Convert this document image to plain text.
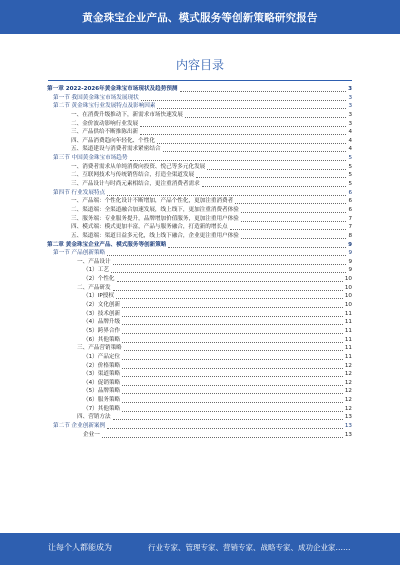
黄金珠宝企业产品、模式服务等创新策略研究报告
内容目录
第一章 2022-2026年黄金珠宝市场现状及趋势预测	3
第一节 我国黄金珠宝市场发展现状	3
第二节 黄金珠宝行业发展特点及影响因素	3
一、在消费升级推动下，新需求市场快速发展	3
二、金价波动影响行业发展	3
三、产品供给不断推陈出新	4
四、产品消费趋向年轻化、个性化	4
五、渠道建设与消费者需求紧密结合	4
第三节 中国黄金珠宝市场趋势	5
一、消费者需求从单纯消费向投资、悦己等多元化发展	5
二、互联网技术与传统销售结合，打造全渠道发展	5
三、产品设计与时尚元素相结合，更注重消费者需求	5
第四节 行业发展特点	6
一、产品端：个性化设计不断增加，产品个性化，更加注重消费者	6
二、渠道端：全渠道融合加速发展，线上线下，更加注重消费者体验	6
三、服务端：专业服务提升，品牌增加价值服务，更加注重用户体验	7
四、模式端：模式更加丰富，产品与服务融合，打造新的增长点	7
五、渠道端：渠道日益多元化，线上线下融合，企业更注重用户体验	8
第二章 黄金珠宝企业产品、模式服务等创新策略	9
第一节 产品创新策略	9
一、产品设计	9
（1）工艺	9
（2）个性化	10
二、产品研发	10
（1）IP授权	10
（2）文化创新	10
（3）技术创新	11
（4）品牌升级	11
（5）跨界合作	11
（6）其他策略	11
三、产品营销策略	11
（1）产品定位	11
（2）价格策略	12
（3）渠道策略	12
（4）促销策略	12
（5）品牌策略	12
（6）服务策略	12
（7）其他策略	12
四、营销方法	13
第二节 企业创新案例	13
企业一	13
让每个人都能成为	行业专家、管理专家、营销专家、战略专家、成功企业家……
